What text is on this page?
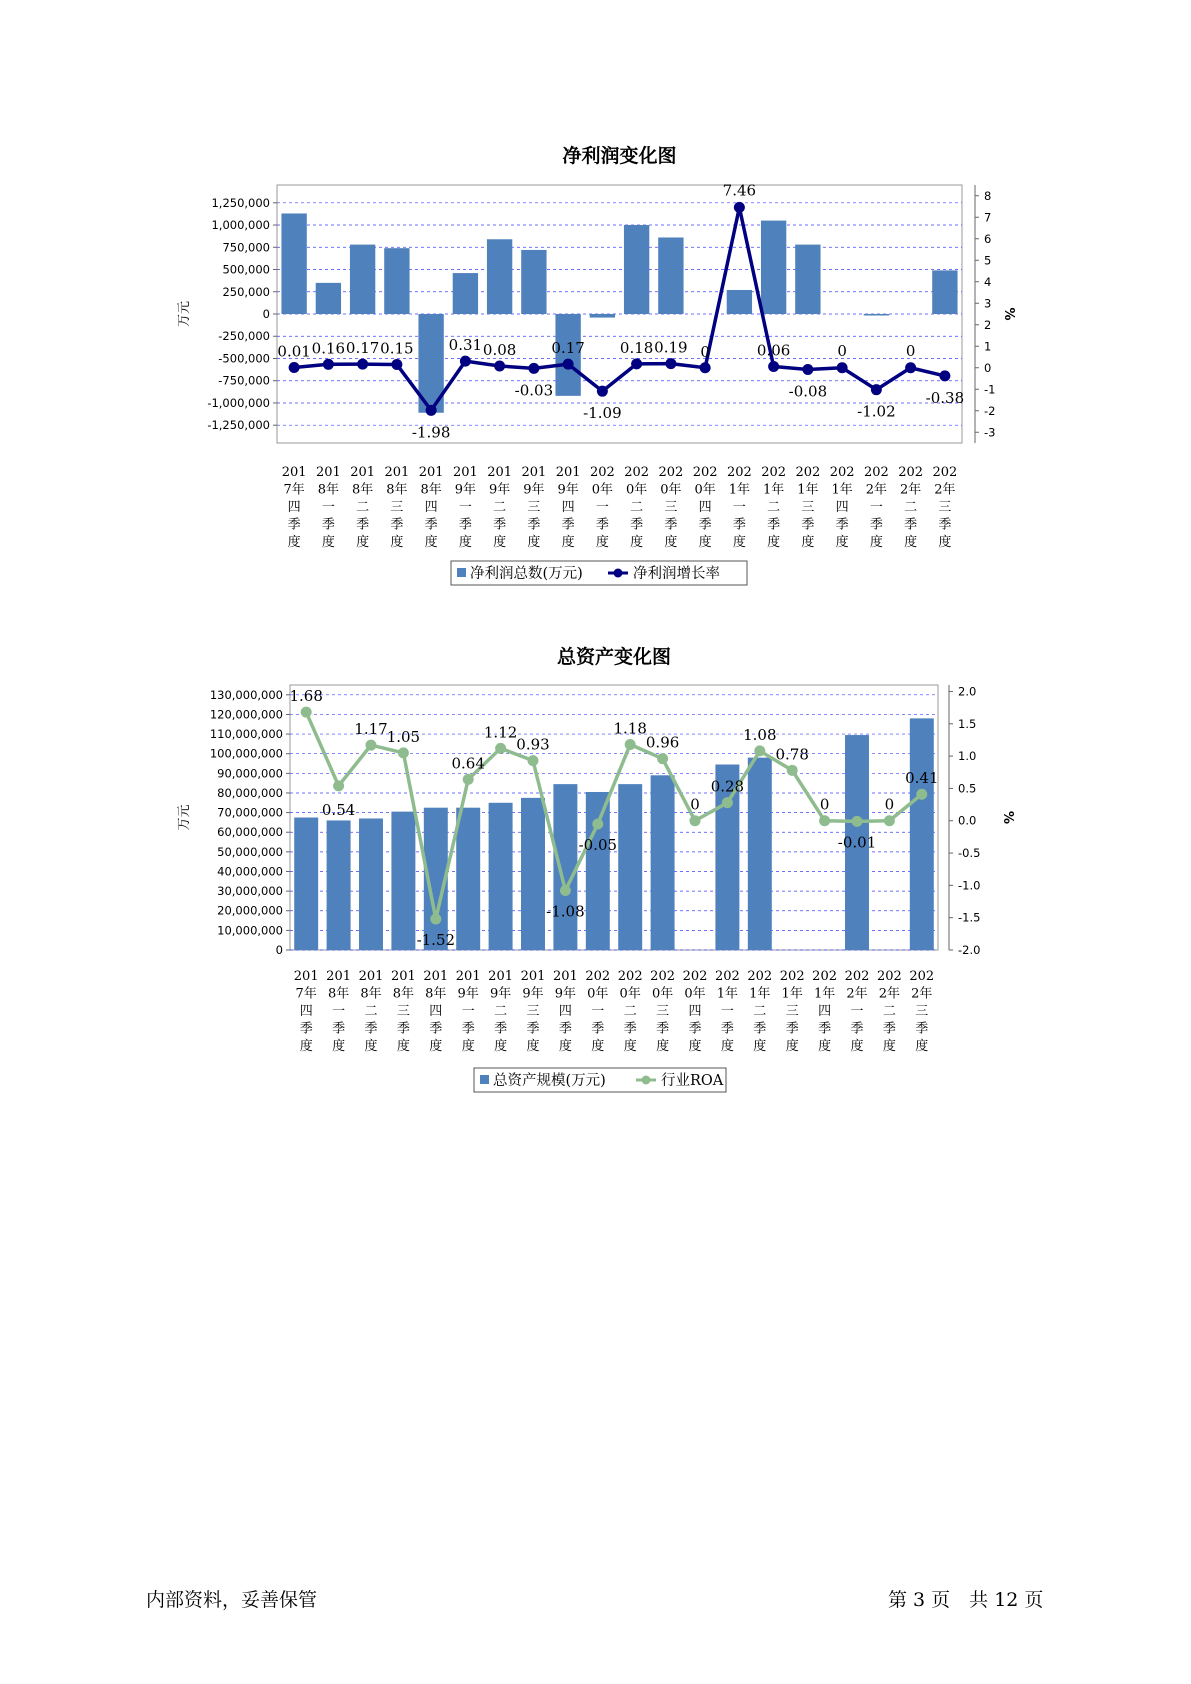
净利润变化图
1,250,000
1,000,000
750,000
500,000
250,000
0
-250,000
-500,000
-750,000
-1,000,000
-1,250,000
8
7
6
5
4
3
2
1
0
-1
-2
-3
万元	%
0.01 0.16 0.17 0.15
-1.98
0.31 0.08
-0.03
0.17
-1.09
0.18 0.19 0
7.46
0.06
-0.08
0
-1.02
0
-0.38
201 7年四季度
201 8年一季度
201 8年二季度
201 8年三季度
201 8年四季度
201 9年一季度
201 9年二季度
201 9年三季度
201 9年四季度
202 0年一季度
202 0年二季度
202 0年三季度
202 0年四季度
202 1年一季度
202 1年二季度
202 1年三季度
202 1年四季度
202 2年一季度
202 2年二季度
202 2年三季度
净利润总数(万元)	净利润增长率
总资产变化图
130,000,000
120,000,000
110,000,000
100,000,000
90,000,000
80,000,000
70,000,000
60,000,000
50,000,000
40,000,000
30,000,000
20,000,000
10,000,000
0
2.0
1.5
1.0
0.5
0.0
-0.5
-1.0
-1.5
-2.0
万元	%
1.68
0.54
1.17
1.05
-1.52
0.64
1.12
0.93
-1.08
-0.05
1.18
0.96
0
0.28
1.08
0.78
0
-0.01
0
0.41
201 7年四季度
201 8年一季度
201 8年二季度
201 8年三季度
201 8年四季度
201 9年一季度
201 9年二季度
201 9年三季度
201 9年四季度
202 0年一季度
202 0年二季度
202 0年三季度
202 0年四季度
202 1年一季度
202 1年二季度
202 1年三季度
202 1年四季度
202 2年一季度
202 2年二季度
202 2年三季度
总资产规模(万元)	行业ROA
内部资料，妥善保管	第 3 页　共 12 页
